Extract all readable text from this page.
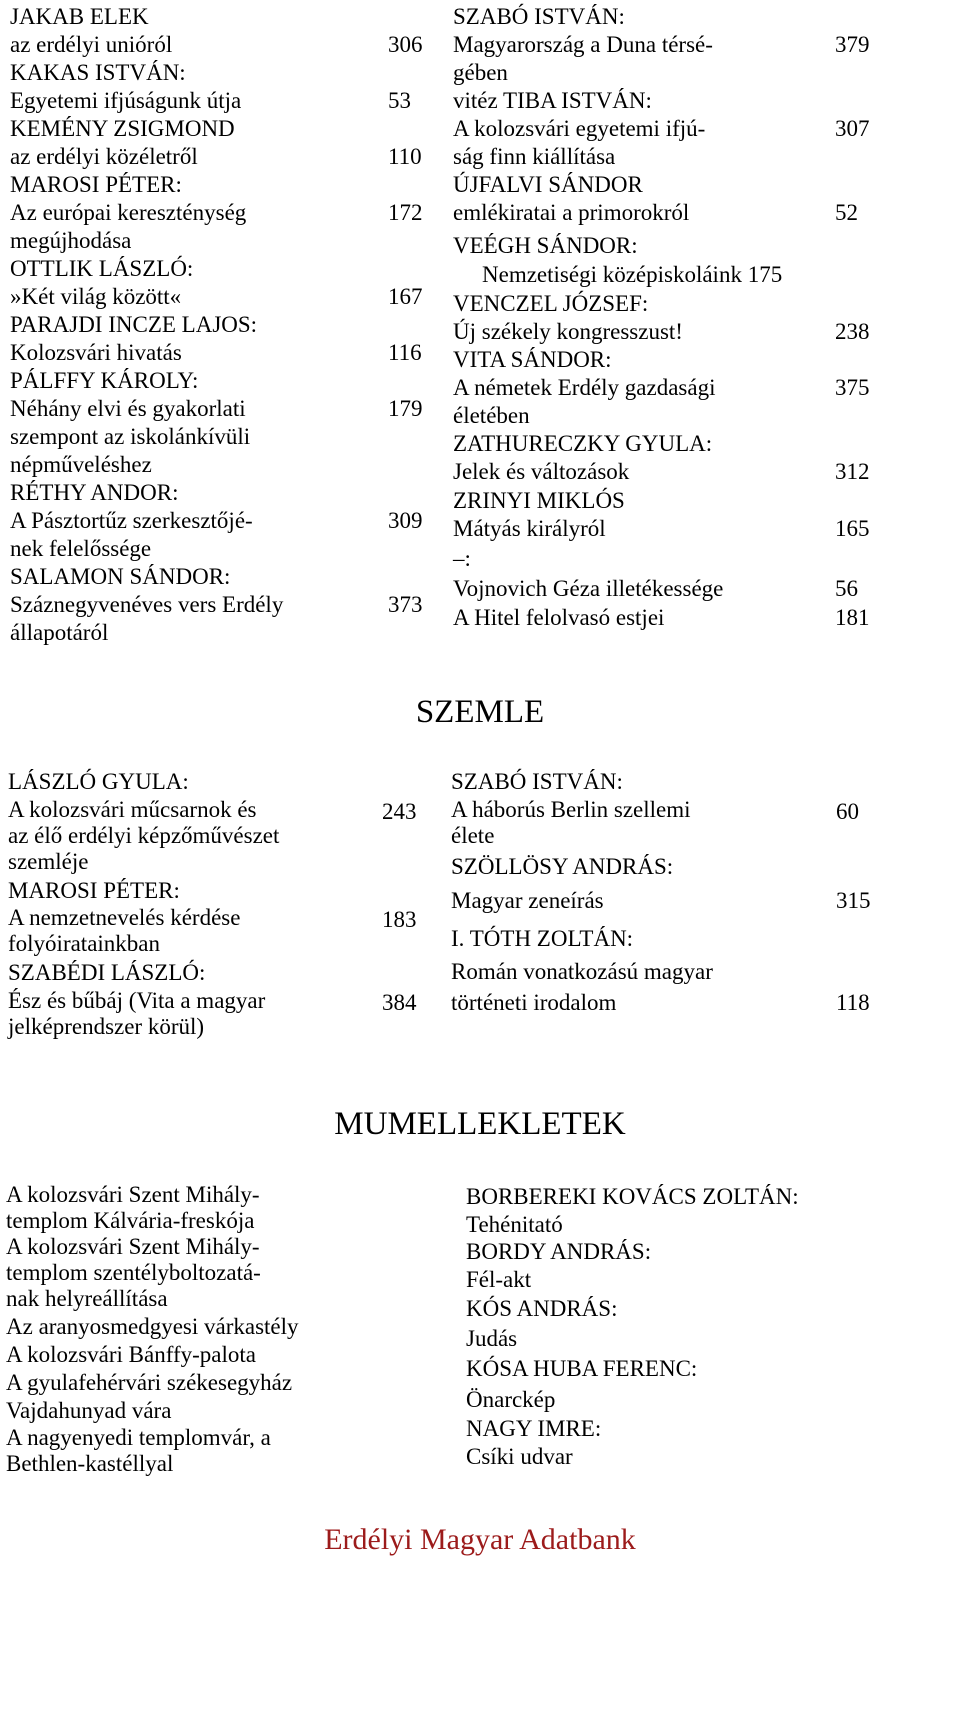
JAKAB ELEK
az erdélyi unióról	306
KAKAS ISTVÁN:
Egyetemi ifjúságunk útja	53
KEMÉNY ZSIGMOND
az erdélyi közéletről	110
MAROSI PÉTER:
Az európai kereszténység	172
megújhodása
OTTLIK LÁSZLÓ:
»Két világ között«	167
PARAJDI INCZE LAJOS:
Kolozsvári hivatás	116
PÁLFFY KÁROLY:
Néhány elvi és gyakorlati	179
szempont az iskolánkívüli
népműveléshez
RÉTHY ANDOR:
A Pásztortűz szerkesztőjé-	309
nek felelőssége
SALAMON SÁNDOR:
Száznegyvenéves vers Erdély	373
állapotáról
SZABÓ ISTVÁN:
Magyarország a Duna térsé-	379
gében
vitéz TIBA ISTVÁN:
A kolozsvári egyetemi ifjú-	307
ság finn kiállítása
ÚJFALVI SÁNDOR
emlékiratai a primorokról	52
VEÉGH SÁNDOR:
Nemzetiségi középiskoláink 175
VENCZEL JÓZSEF:
Új székely kongresszust!	238
VITA SÁNDOR:
A németek Erdély gazdasági	375
életében
ZATHURECZKY GYULA:
Jelek és változások	312
ZRINYI MIKLÓS
Mátyás királyról	165
–:
Vojnovich Géza illetékessége	56
A Hitel felolvasó estjei	181
SZEMLE
LÁSZLÓ GYULA:
A kolozsvári műcsarnok és	243
az élő erdélyi képzőművészet
szemléje
MAROSI PÉTER:
A nemzetnevelés kérdése	183
folyóiratainkban
SZABÉDI LÁSZLÓ:
Ész és bűbáj (Vita a magyar	384
jelképrendszer körül)
SZABÓ ISTVÁN:
A háborús Berlin szellemi	60
élete
SZÖLLÖSY ANDRÁS:
Magyar zeneírás	315
I. TÓTH ZOLTÁN:
Román vonatkozású magyar
történeti irodalom	118
MUMELLEKLETEK
A kolozsvári Szent Mihály-
templom Kálvária-freskója
A kolozsvári Szent Mihály-
templom szentélyboltozatá-
nak helyreállítása
Az aranyosmedgyesi várkastély
A kolozsvári Bánffy-palota
A gyulafehérvári székesegyház
Vajdahunyad vára
A nagyenyedi templomvár, a
Bethlen-kastéllyal
BORBEREKI KOVÁCS ZOLTÁN:
Tehénitató
BORDY ANDRÁS:
Fél-akt
KÓS ANDRÁS:
Judás
KÓSA HUBA FERENC:
Önarckép
NAGY IMRE:
Csíki udvar
Erdélyi Magyar Adatbank
